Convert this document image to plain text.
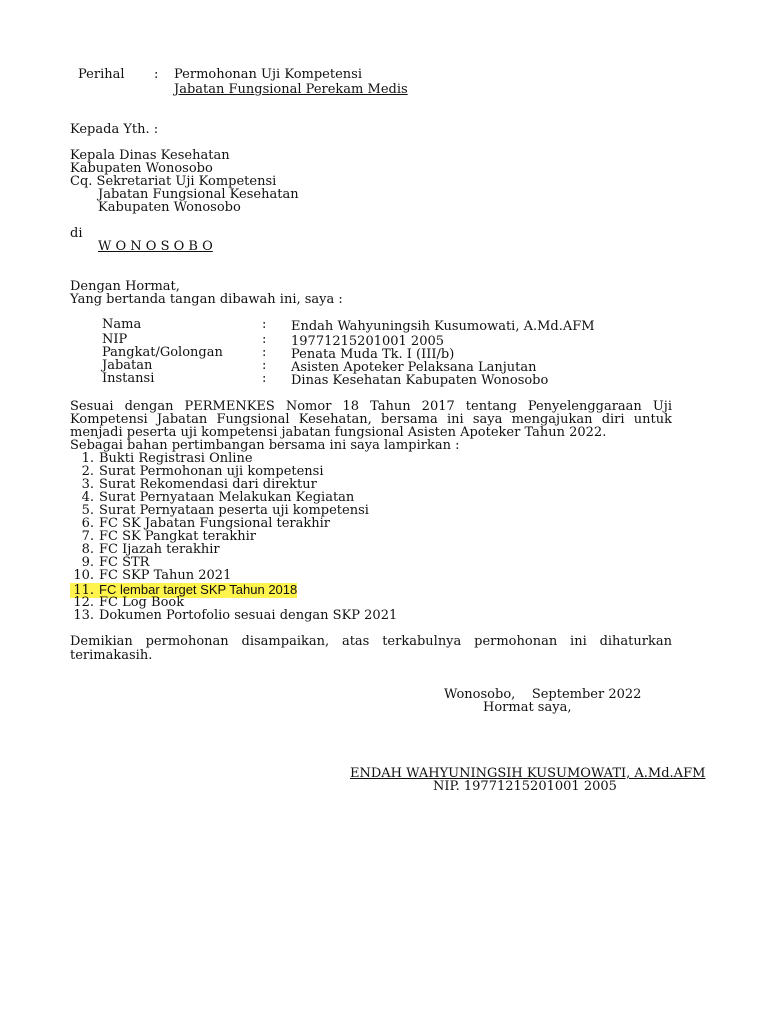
Perihal : Permohonan Uji Kompetensi
Jabatan Fungsional Perekam Medis
Kepada Yth. :
Kepala Dinas Kesehatan
Kabupaten Wonosobo
Cq. Sekretariat Uji Kompetensi
Jabatan Fungsional Kesehatan
Kabupaten Wonosobo
di
W O N O S O B O
Dengan Hormat,
Yang bertanda tangan dibawah ini, saya :
Nama	: Endah Wahyuningsih Kusumowati, A.Md.AFM
NIP	: 19771215201001 2005
Pangkat/Golongan	: Penata Muda Tk. I (III/b)
Jabatan	: Asisten Apoteker Pelaksana Lanjutan
Instansi	: Dinas Kesehatan Kabupaten Wonosobo
Sesuai dengan PERMENKES Nomor 18 Tahun 2017 tentang Penyelenggaraan Uji
Kompetensi Jabatan Fungsional Kesehatan, bersama ini saya mengajukan diri untuk
menjadi peserta uji kompetensi jabatan fungsional Asisten Apoteker Tahun 2022.
Sebagai bahan pertimbangan bersama ini saya lampirkan :
1. Bukti Registrasi Online
2. Surat Permohonan uji kompetensi
3. Surat Rekomendasi dari direktur
4. Surat Pernyataan Melakukan Kegiatan
5. Surat Pernyataan peserta uji kompetensi
6. FC SK Jabatan Fungsional terakhir
7. FC SK Pangkat terakhir
8. FC Ijazah terakhir
9. FC STR
10. FC SKP Tahun 2021
11. FC lembar target SKP Tahun 2018
12. FC Log Book
13. Dokumen Portofolio sesuai dengan SKP 2021
Demikian permohonan disampaikan, atas terkabulnya permohonan ini dihaturkan
terimakasih.
Wonosobo,    September 2022
Hormat saya,
ENDAH WAHYUNINGSIH KUSUMOWATI, A.Md.AFM
NIP. 19771215201001 2005
